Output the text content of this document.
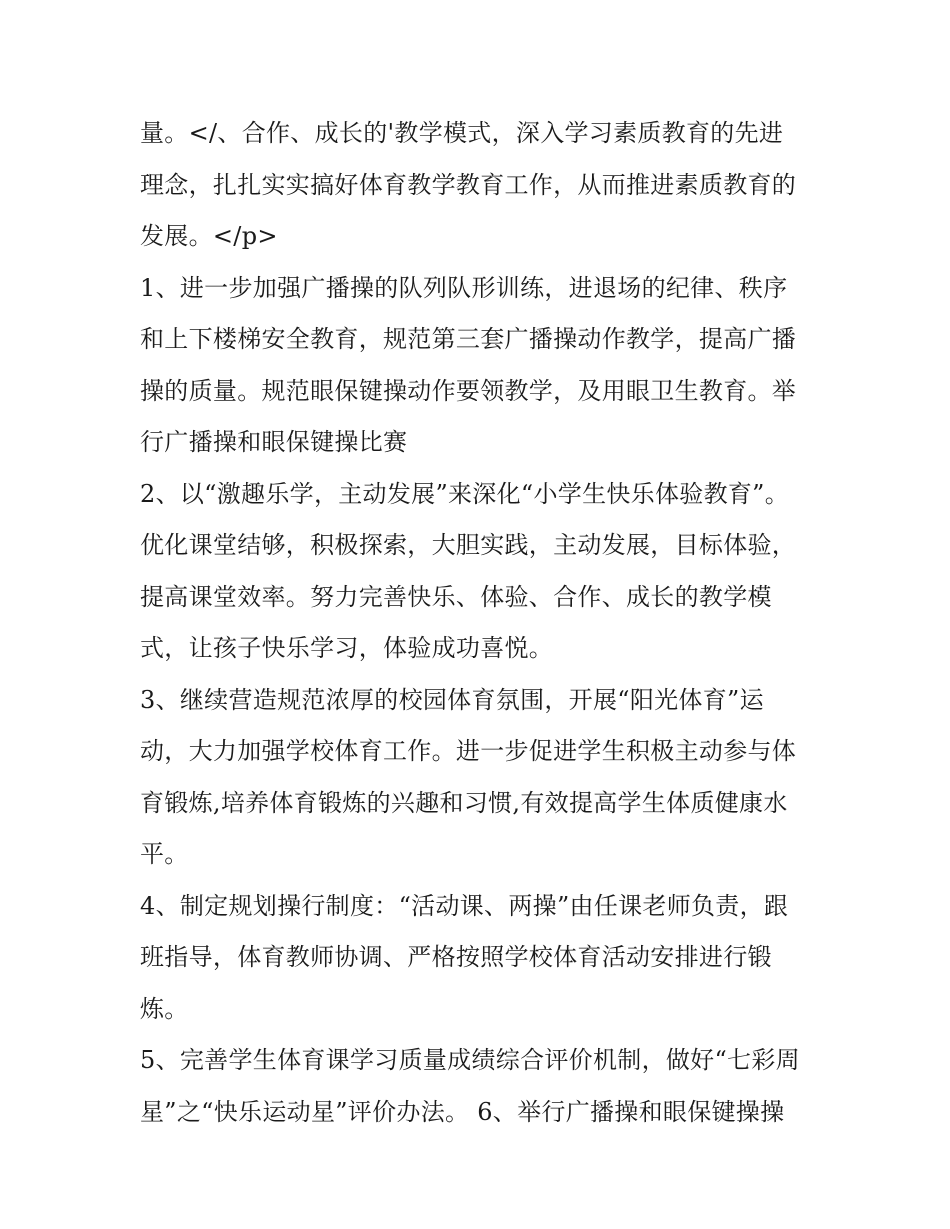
量。</、合作、成长的'教学模式，深入学习素质教育的先进
理念，扎扎实实搞好体育教学教育工作，从而推进素质教育的
发展。</p>
1、进一步加强广播操的队列队形训练，进退场的纪律、秩序
和上下楼梯安全教育，规范第三套广播操动作教学，提高广播
操的质量。规范眼保键操动作要领教学，及用眼卫生教育。举
行广播操和眼保键操比赛
2、以“激趣乐学，主动发展”来深化“小学生快乐体验教育”。
优化课堂结够，积极探索，大胆实践，主动发展，目标体验，
提高课堂效率。努力完善快乐、体验、合作、成长的教学模
式，让孩子快乐学习，体验成功喜悦。
3、继续营造规范浓厚的校园体育氛围，开展“阳光体育”运
动，大力加强学校体育工作。进一步促进学生积极主动参与体
育锻炼,培养体育锻炼的兴趣和习惯,有效提高学生体质健康水
平。
4、制定规划操行制度：“活动课、两操”由任课老师负责，跟
班指导，体育教师协调、严格按照学校体育活动安排进行锻
炼。
5、完善学生体育课学习质量成绩综合评价机制，做好“七彩周
星”之“快乐运动星”评价办法。 6、举行广播操和眼保键操操
